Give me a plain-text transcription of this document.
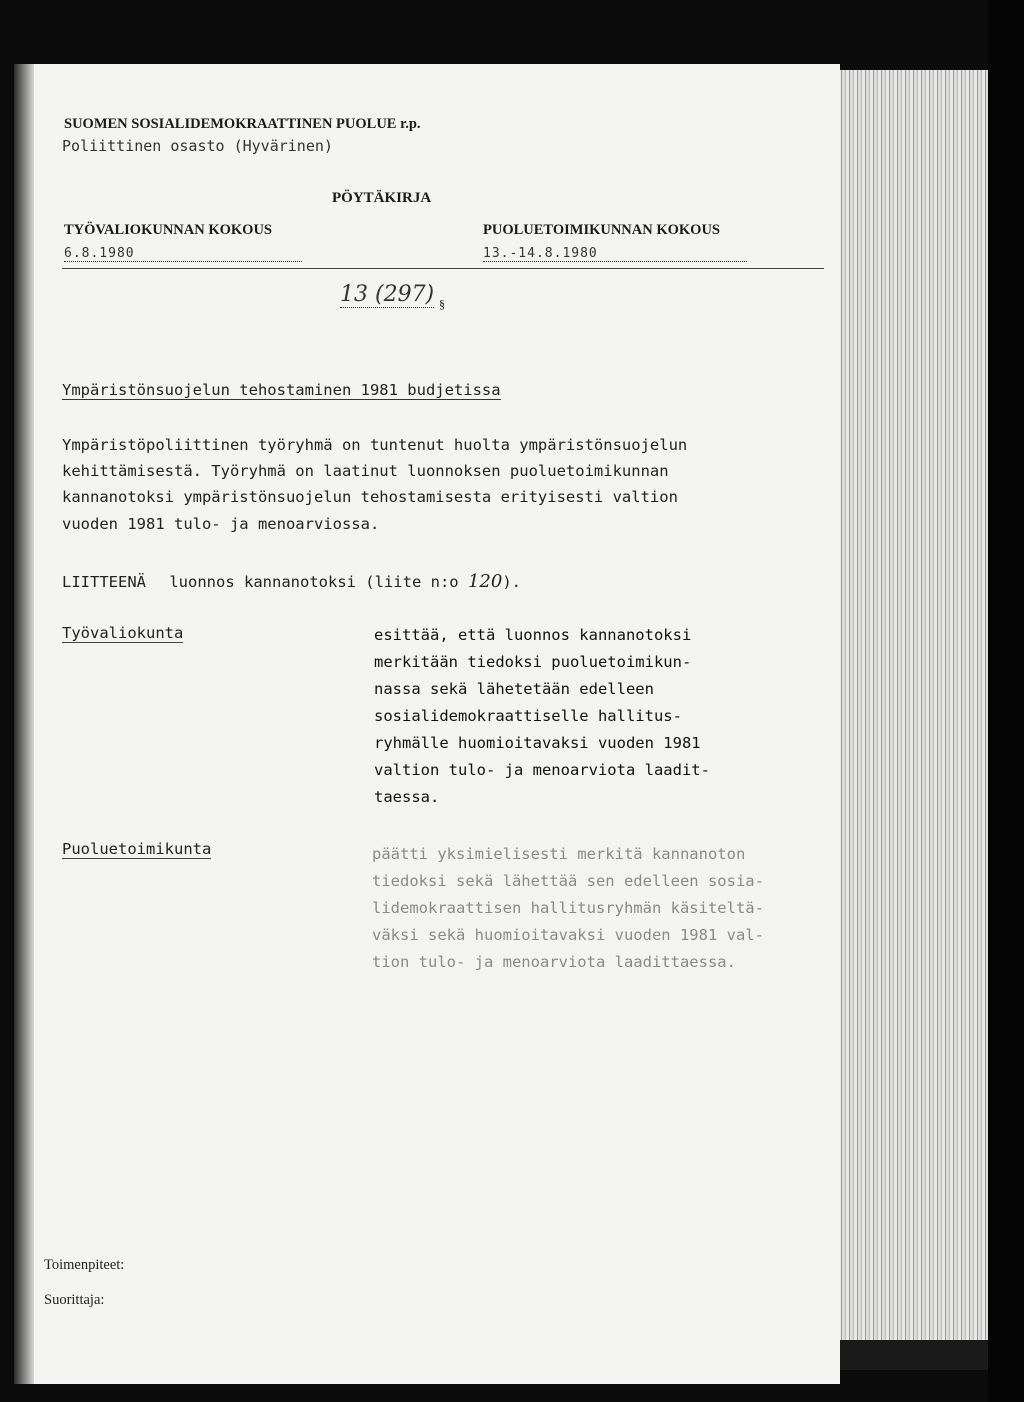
SUOMEN SOSIALIDEMOKRAATTINEN PUOLUE r.p.
Poliittinen osasto (Hyvärinen)
PÖYTÄKIRJA
TYÖVALIOKUNNAN KOKOUS	PUOLUETOIMIKUNNAN KOKOUS
6.8.1980	13.-14.8.1980
13 (297) §
Ympäristönsuojelun tehostaminen 1981 budjetissa
Ympäristöpoliittinen työryhmä on tuntenut huolta ympäristönsuojelun
kehittämisestä. Työryhmä on laatinut luonnoksen puoluetoimikunnan
kannanotoksi ympäristönsuojelun tehostamisesta erityisesti valtion
vuoden 1981 tulo- ja menoarviossa.
LIITTEENÄ luonnos kannanotoksi (liite n:o 120).
Työvaliokunta	esittää, että luonnos kannanotoksi
merkitään tiedoksi puoluetoimikun-
nassa sekä lähetetään edelleen
sosialidemokraattiselle hallitus-
ryhmälle huomioitavaksi vuoden 1981
valtion tulo- ja menoarviota laadit-
taessa.
Puoluetoimikunta	päätti yksimielisesti merkitä kannanoton
tiedoksi sekä lähettää sen edelleen sosia-
lidemokraattisen hallitusryhmän käsiteltä-
väksi sekä huomioitavaksi vuoden 1981 val-
tion tulo- ja menoarviota laadittaessa.
Toimenpiteet:
Suorittaja:
